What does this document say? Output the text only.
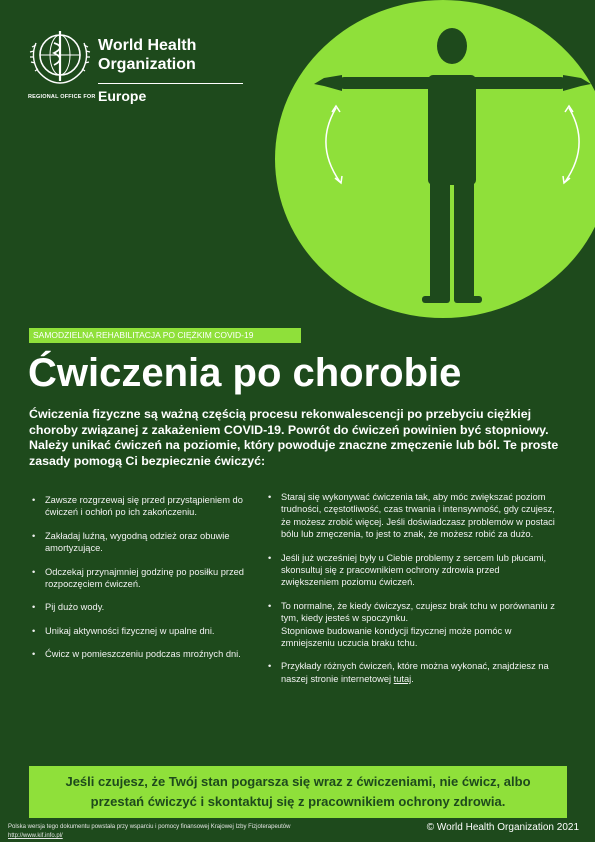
World Health
Organization
REGIONAL OFFICE FOR Europe
SAMODZIELNA REHABILITACJA PO CIĘŻKIM COVID-19
Ćwiczenia po chorobie

Ćwiczenia fizyczne są ważną częścią procesu rekonwalescencji po przebyciu ciężkiej choroby związanej z zakażeniem COVID-19. Powrót do ćwiczeń powinien być stopniowy. Należy unikać ćwiczeń na poziomie, który powoduje znaczne zmęczenie lub ból. Te proste zasady pomogą Ci bezpiecznie ćwiczyć:

• Zawsze rozgrzewaj się przed przystąpieniem do ćwiczeń i ochłoń po ich zakończeniu.
• Zakładaj luźną, wygodną odzież oraz obuwie amortyzujące.
• Odczekaj przynajmniej godzinę po posiłku przed rozpoczęciem ćwiczeń.
• Pij dużo wody.
• Unikaj aktywności fizycznej w upalne dni.
• Ćwicz w pomieszczeniu podczas mroźnych dni.
• Staraj się wykonywać ćwiczenia tak, aby móc zwiększać poziom trudności, częstotliwość, czas trwania i intensywność, gdy czujesz, że możesz zrobić więcej. Jeśli doświadczasz problemów w postaci bólu lub zmęczenia, to jest to znak, że możesz robić za dużo.
• Jeśli już wcześniej były u Ciebie problemy z sercem lub płucami, skonsultuj się z pracownikiem ochrony zdrowia przed zwiększeniem poziomu ćwiczeń.
• To normalne, że kiedy ćwiczysz, czujesz brak tchu w porównaniu z tym, kiedy jesteś w spoczynku.
Stopniowe budowanie kondycji fizycznej może pomóc w zmniejszeniu uczucia braku tchu.
• Przykłady różnych ćwiczeń, które można wykonać, znajdziesz na naszej stronie internetowej tutaj.
Jeśli czujesz, że Twój stan pogarsza się wraz z ćwiczeniami, nie ćwicz, albo przestań ćwiczyć i skontaktuj się z pracownikiem ochrony zdrowia.
Polska wersja tego dokumentu powstała przy wsparciu i pomocy finansowej Krajowej Izby Fizjoterapeutów
http://www.kif.info.pl/
© World Health Organization 2021
